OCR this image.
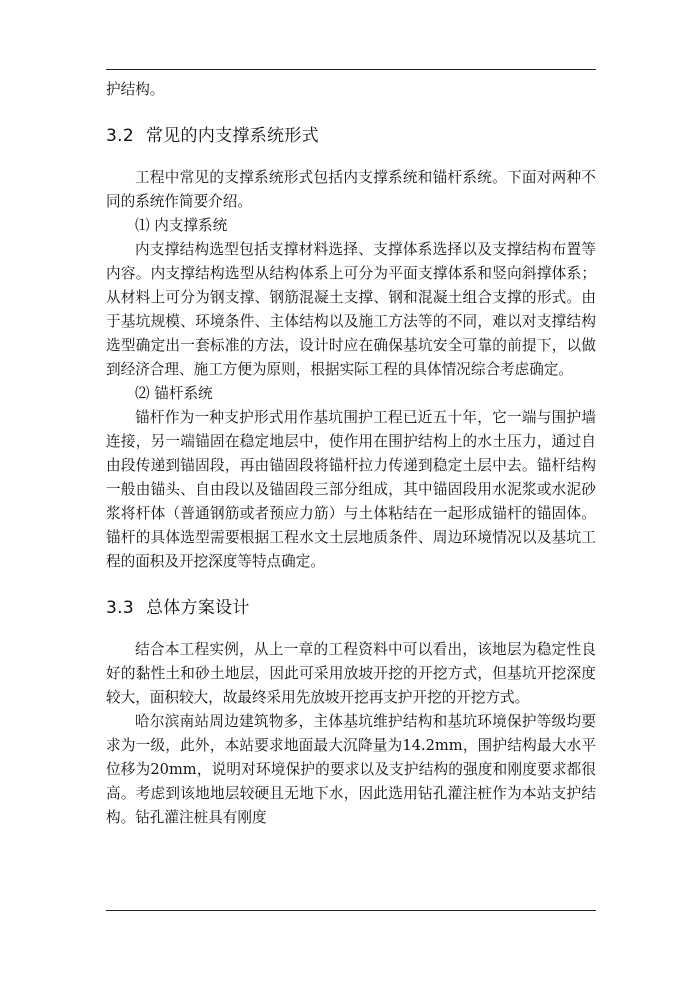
护结构。

3.2 常见的内支撑系统形式

工程中常见的支撑系统形式包括内支撑系统和锚杆系统。下面对两种不同的系统作简要介绍。

⑴ 内支撑系统

内支撑结构选型包括支撑材料选择、支撑体系选择以及支撑结构布置等内容。内支撑结构选型从结构体系上可分为平面支撑体系和竖向斜撑体系；从材料上可分为钢支撑、钢筋混凝土支撑、钢和混凝土组合支撑的形式。由于基坑规模、环境条件、主体结构以及施工方法等的不同，难以对支撑结构选型确定出一套标准的方法，设计时应在确保基坑安全可靠的前提下，以做到经济合理、施工方便为原则，根据实际工程的具体情况综合考虑确定。

⑵ 锚杆系统

锚杆作为一种支护形式用作基坑围护工程已近五十年，它一端与围护墙连接，另一端锚固在稳定地层中，使作用在围护结构上的水土压力，通过自由段传递到锚固段，再由锚固段将锚杆拉力传递到稳定土层中去。锚杆结构一般由锚头、自由段以及锚固段三部分组成，其中锚固段用水泥浆或水泥砂浆将杆体（普通钢筋或者预应力筋）与土体粘结在一起形成锚杆的锚固体。锚杆的具体选型需要根据工程水文土层地质条件、周边环境情况以及基坑工程的面积及开挖深度等特点确定。

3.3 总体方案设计

结合本工程实例，从上一章的工程资料中可以看出，该地层为稳定性良好的黏性土和砂土地层，因此可采用放坡开挖的开挖方式，但基坑开挖深度较大，面积较大，故最终采用先放坡开挖再支护开挖的开挖方式。

哈尔滨南站周边建筑物多，主体基坑维护结构和基坑环境保护等级均要求为一级，此外，本站要求地面最大沉降量为14.2mm，围护结构最大水平位移为20mm，说明对环境保护的要求以及支护结构的强度和刚度要求都很高。考虑到该地地层较硬且无地下水，因此选用钻孔灌注桩作为本站支护结构。钻孔灌注桩具有刚度
